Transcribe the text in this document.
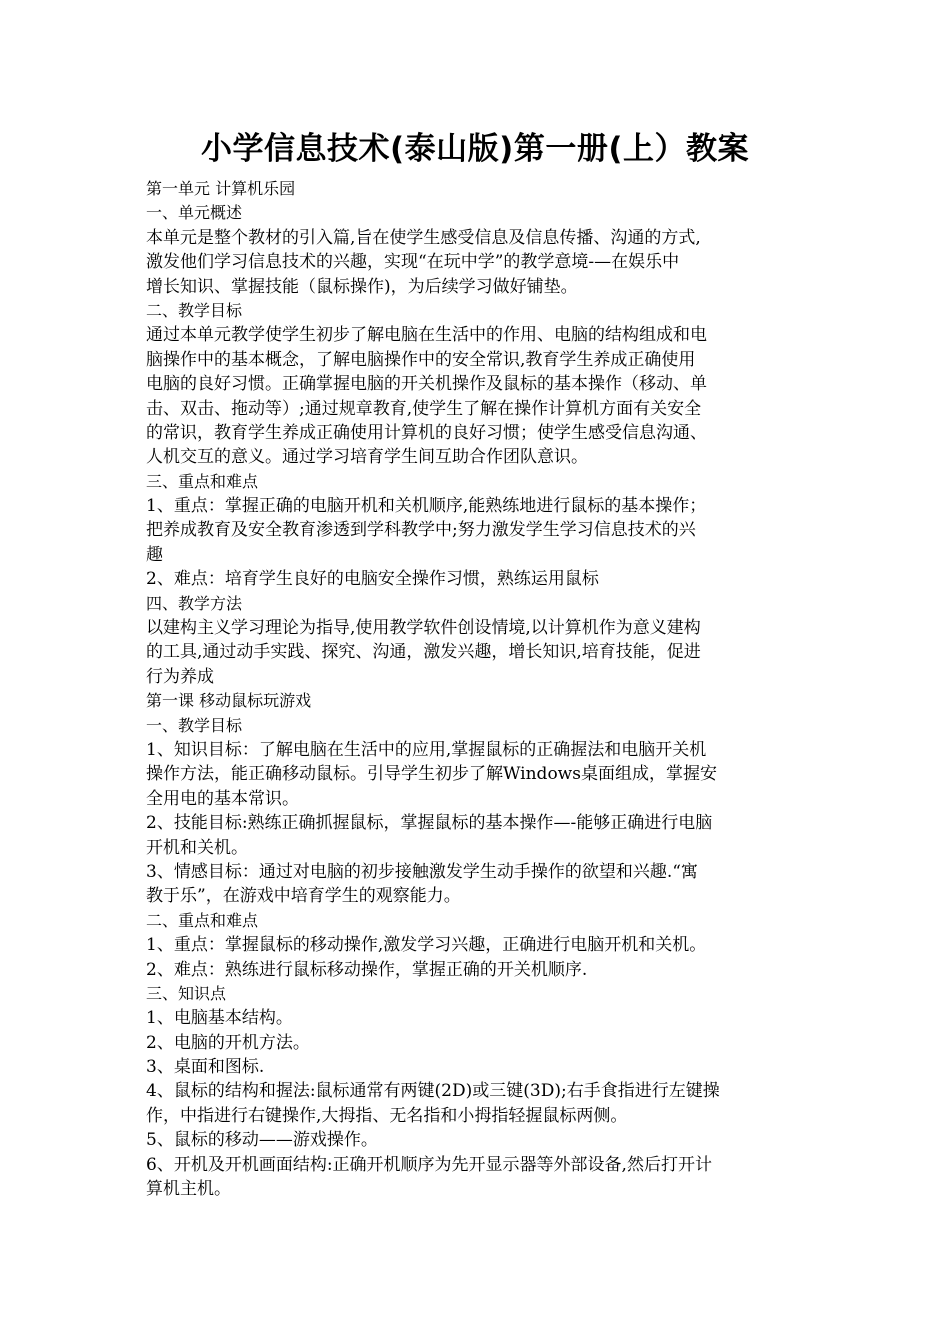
小学信息技术(泰山版)第一册(上）教案
第一单元 计算机乐园
一、单元概述
本单元是整个教材的引入篇,旨在使学生感受信息及信息传播、沟通的方式,
激发他们学习信息技术的兴趣，实现“在玩中学”的教学意境-—在娱乐中
增长知识、掌握技能（鼠标操作)，为后续学习做好铺垫。
二、教学目标
通过本单元教学使学生初步了解电脑在生活中的作用、电脑的结构组成和电
脑操作中的基本概念，了解电脑操作中的安全常识,教育学生养成正确使用
电脑的良好习惯。正确掌握电脑的开关机操作及鼠标的基本操作（移动、单
击、双击、拖动等）;通过规章教育,使学生了解在操作计算机方面有关安全
的常识，教育学生养成正确使用计算机的良好习惯；使学生感受信息沟通、
人机交互的意义。通过学习培育学生间互助合作团队意识。
三、重点和难点
1、重点：掌握正确的电脑开机和关机顺序,能熟练地进行鼠标的基本操作；
把养成教育及安全教育渗透到学科教学中;努力激发学生学习信息技术的兴
趣
2、难点：培育学生良好的电脑安全操作习惯，熟练运用鼠标
四、教学方法
以建构主义学习理论为指导,使用教学软件创设情境,以计算机作为意义建构
的工具,通过动手实践、探究、沟通，激发兴趣，增长知识,培育技能，促进
行为养成
第一课 移动鼠标玩游戏
一、教学目标
1、知识目标：了解电脑在生活中的应用,掌握鼠标的正确握法和电脑开关机
操作方法，能正确移动鼠标。引导学生初步了解Windows桌面组成，掌握安
全用电的基本常识。
2、技能目标:熟练正确抓握鼠标，掌握鼠标的基本操作—-能够正确进行电脑
开机和关机。
3、情感目标：通过对电脑的初步接触激发学生动手操作的欲望和兴趣.“寓
教于乐”，在游戏中培育学生的观察能力。
二、重点和难点
1、重点：掌握鼠标的移动操作,激发学习兴趣，正确进行电脑开机和关机。
2、难点：熟练进行鼠标移动操作，掌握正确的开关机顺序.
三、知识点
1、电脑基本结构。
2、电脑的开机方法。
3、桌面和图标.
4、鼠标的结构和握法:鼠标通常有两键(2D)或三键(3D);右手食指进行左键操
作，中指进行右键操作,大拇指、无名指和小拇指轻握鼠标两侧。
5、鼠标的移动——游戏操作。
6、开机及开机画面结构:正确开机顺序为先开显示器等外部设备,然后打开计
算机主机。
